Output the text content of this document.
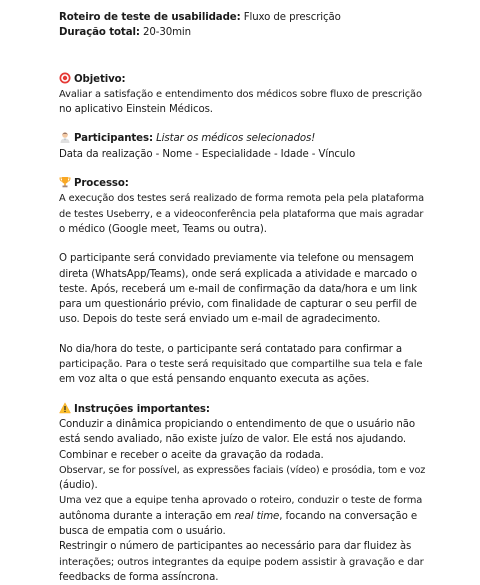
Roteiro de teste de usabilidade: Fluxo de prescrição
Duração total: 20-30min
Objetivo:
Avaliar a satisfação e entendimento dos médicos sobre fluxo de prescrição
no aplicativo Einstein Médicos.
Participantes: Listar os médicos selecionados!
Data da realização - Nome - Especialidade - Idade - Vínculo
Processo:
A execução dos testes será realizado de forma remota pela pela plataforma
de testes Useberry, e a videoconferência pela plataforma que mais agradar
o médico (Google meet, Teams ou outra).
O participante será convidado previamente via telefone ou mensagem
direta (WhatsApp/Teams), onde será explicada a atividade e marcado o
teste. Após, receberá um e-mail de confirmação da data/hora e um link
para um questionário prévio, com finalidade de capturar o seu perfil de
uso. Depois do teste será enviado um e-mail de agradecimento.
No dia/hora do teste, o participante será contatado para confirmar a
participação. Para o teste será requisitado que compartilhe sua tela e fale
em voz alta o que está pensando enquanto executa as ações.
Instruções importantes:
Conduzir a dinâmica propiciando o entendimento de que o usuário não
está sendo avaliado, não existe juízo de valor. Ele está nos ajudando.
Combinar e receber o aceite da gravação da rodada.
Observar, se for possível, as expressões faciais (vídeo) e prosódia, tom e voz
(áudio).
Uma vez que a equipe tenha aprovado o roteiro, conduzir o teste de forma
autônoma durante a interação em real time, focando na conversação e
busca de empatia com o usuário.
Restringir o número de participantes ao necessário para dar fluidez às
interações; outros integrantes da equipe podem assistir à gravação e dar
feedbacks de forma assíncrona.
